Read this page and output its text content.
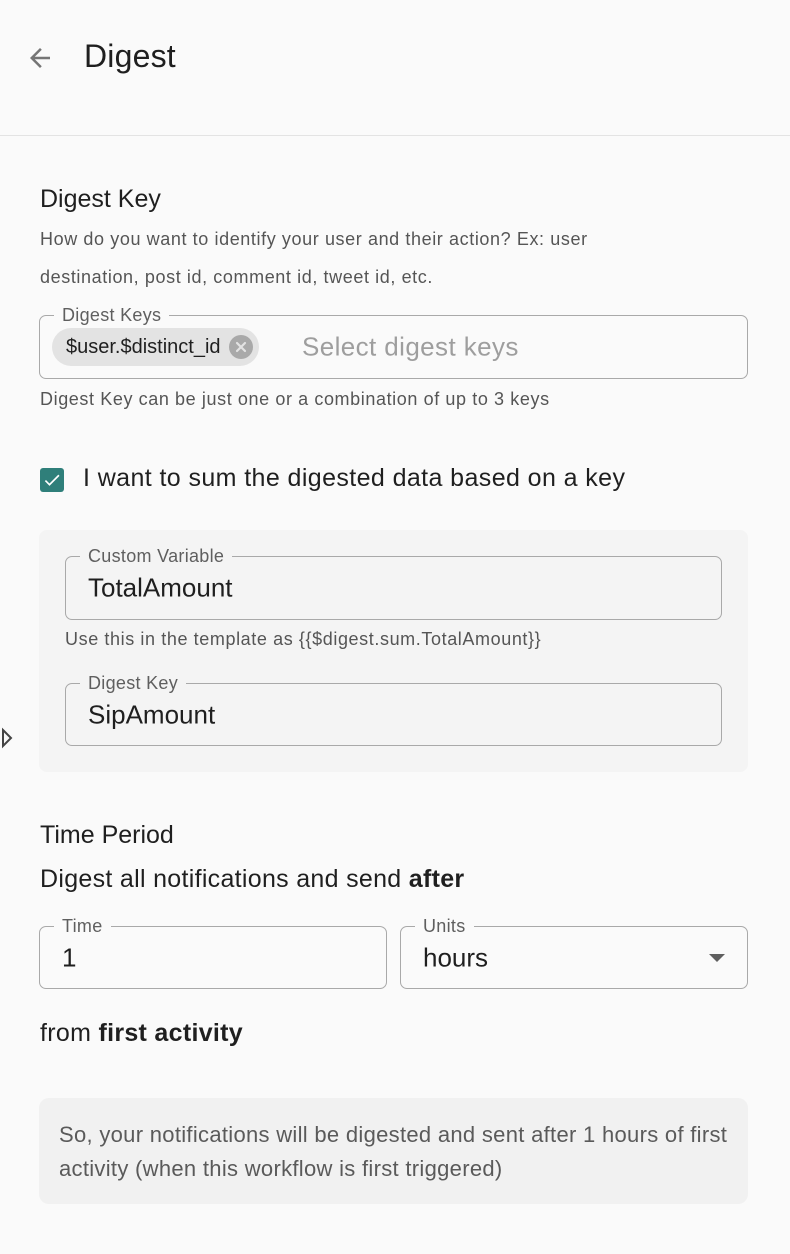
Digest
Digest Key
How do you want to identify your user and their action? Ex: user
destination, post id, comment id, tweet id, etc.
Digest Keys
$user.$distinct_id
Select digest keys
Digest Key can be just one or a combination of up to 3 keys
I want to sum the digested data based on a key
Custom Variable
TotalAmount
Use this in the template as {{$digest.sum.TotalAmount}}
Digest Key
SipAmount
Time Period
Digest all notifications and send after
Time
1
Units
hours
from first activity
So, your notifications will be digested and sent after 1 hours of first activity (when this workflow is first triggered)
